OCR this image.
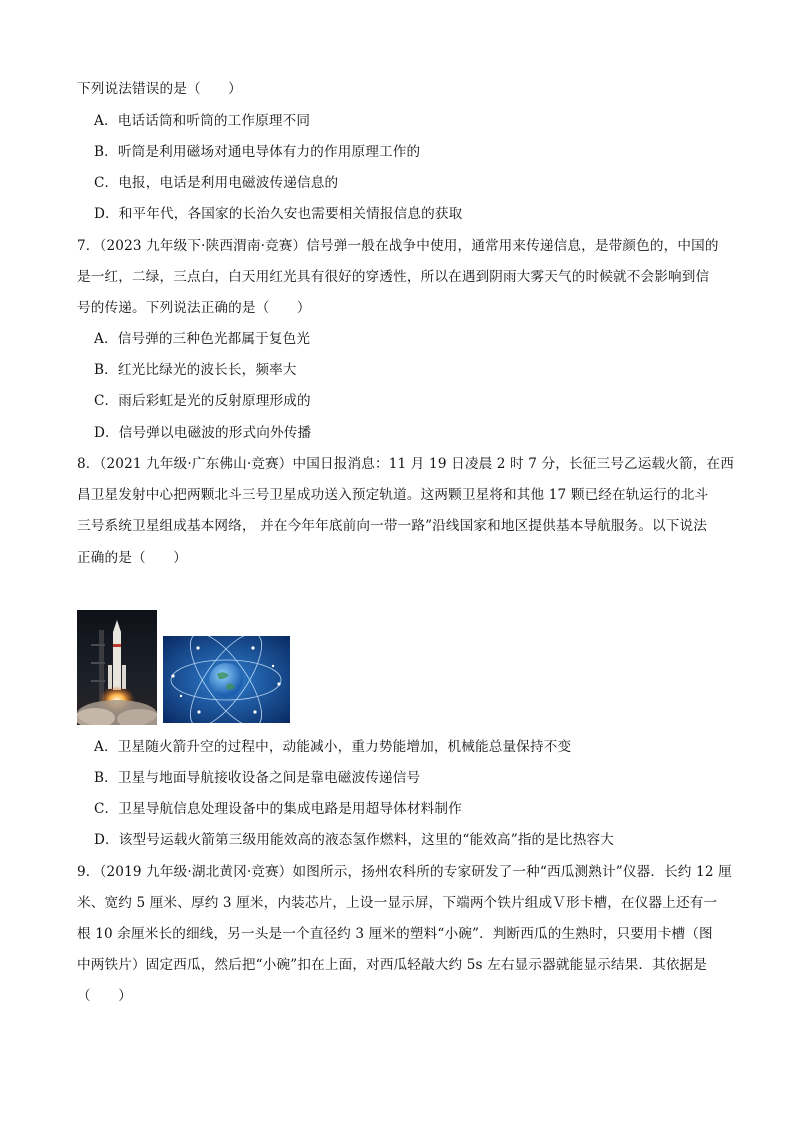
下列说法错误的是（　　）
A．电话话筒和听筒的工作原理不同
B．听筒是利用磁场对通电导体有力的作用原理工作的
C．电报，电话是利用电磁波传递信息的
D．和平年代，各国家的长治久安也需要相关情报信息的获取
7．（2023 九年级下·陕西渭南·竞赛）信号弹一般在战争中使用，通常用来传递信息，是带颜色的，中国的
是一红，二绿，三点白，白天用红光具有很好的穿透性，所以在遇到阴雨大雾天气的时候就不会影响到信
号的传递。下列说法正确的是（　　）
A．信号弹的三种色光都属于复色光
B．红光比绿光的波长长，频率大
C．雨后彩虹是光的反射原理形成的
D．信号弹以电磁波的形式向外传播
8．（2021 九年级·广东佛山·竞赛）中国日报消息：11 月 19 日凌晨 2 时 7 分，长征三号乙运载火箭，在西
昌卫星发射中心把两颗北斗三号卫星成功送入预定轨道。这两颗卫星将和其他 17 颗已经在轨运行的北斗
三号系统卫星组成基本网络， 并在今年年底前向一带一路”沿线国家和地区提供基本导航服务。以下说法
正确的是（　　）
A．卫星随火箭升空的过程中，动能减小，重力势能增加，机械能总量保持不变
B．卫星与地面导航接收设备之间是靠电磁波传递信号
C．卫星导航信息处理设备中的集成电路是用超导体材料制作
D．该型号运载火箭第三级用能效高的液态氢作燃料，这里的“能效高”指的是比热容大
9．（2019 九年级·湖北黄冈·竞赛）如图所示，扬州农科所的专家研发了一种“西瓜测熟计”仪器．长约 12 厘
米、宽约 5 厘米、厚约 3 厘米，内装芯片，上设一显示屏，下端两个铁片组成Ｖ形卡槽，在仪器上还有一
根 10 余厘米长的细线，另一头是一个直径约 3 厘米的塑料“小碗”．判断西瓜的生熟时，只要用卡槽（图
中两铁片）固定西瓜，然后把“小碗”扣在上面，对西瓜轻敲大约 5s 左右显示器就能显示结果．其依据是
（　　）
